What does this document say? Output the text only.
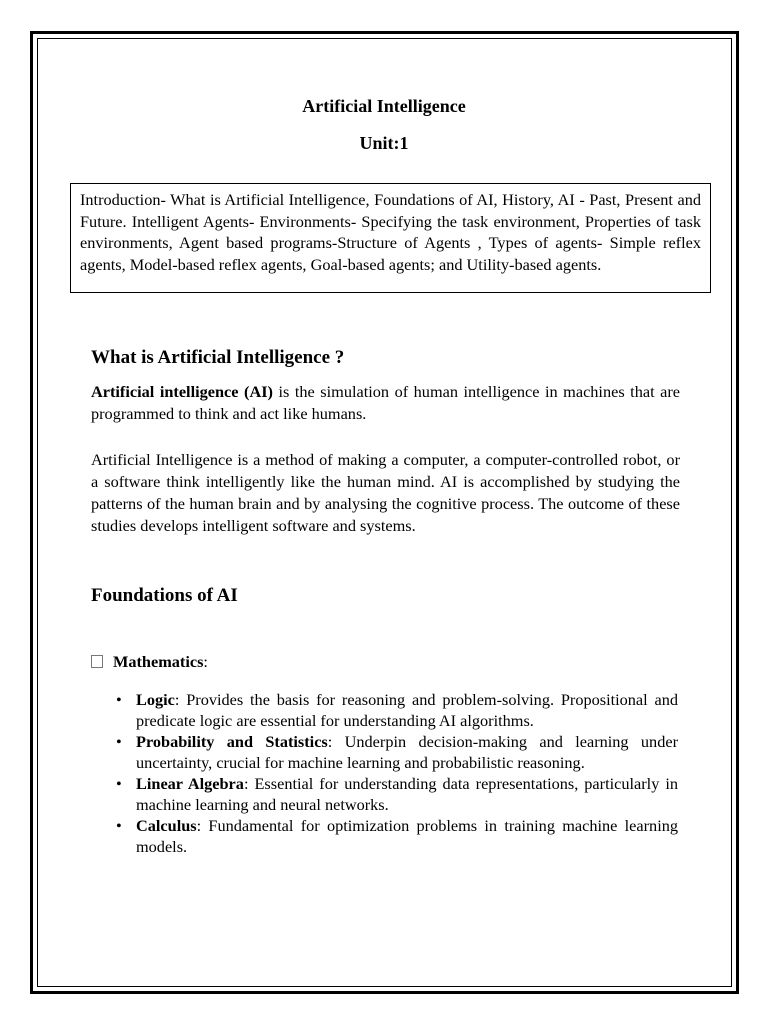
Artificial Intelligence
Unit:1
Introduction- What is Artificial Intelligence, Foundations of AI, History, AI - Past, Present and Future. Intelligent Agents- Environments- Specifying the task environment, Properties of task environments, Agent based programs-Structure of Agents , Types of agents- Simple reflex agents, Model-based reflex agents, Goal-based agents; and Utility-based agents.
What is Artificial Intelligence ?
Artificial intelligence (AI) is the simulation of human intelligence in machines that are programmed to think and act like humans.
Artificial Intelligence is a method of making a computer, a computer-controlled robot, or a software think intelligently like the human mind. AI is accomplished by studying the patterns of the human brain and by analysing the cognitive process. The outcome of these studies develops intelligent software and systems.
Foundations of AI
Mathematics:
• Logic: Provides the basis for reasoning and problem-solving. Propositional and predicate logic are essential for understanding AI algorithms.
• Probability and Statistics: Underpin decision-making and learning under uncertainty, crucial for machine learning and probabilistic reasoning.
• Linear Algebra: Essential for understanding data representations, particularly in machine learning and neural networks.
• Calculus: Fundamental for optimization problems in training machine learning models.
